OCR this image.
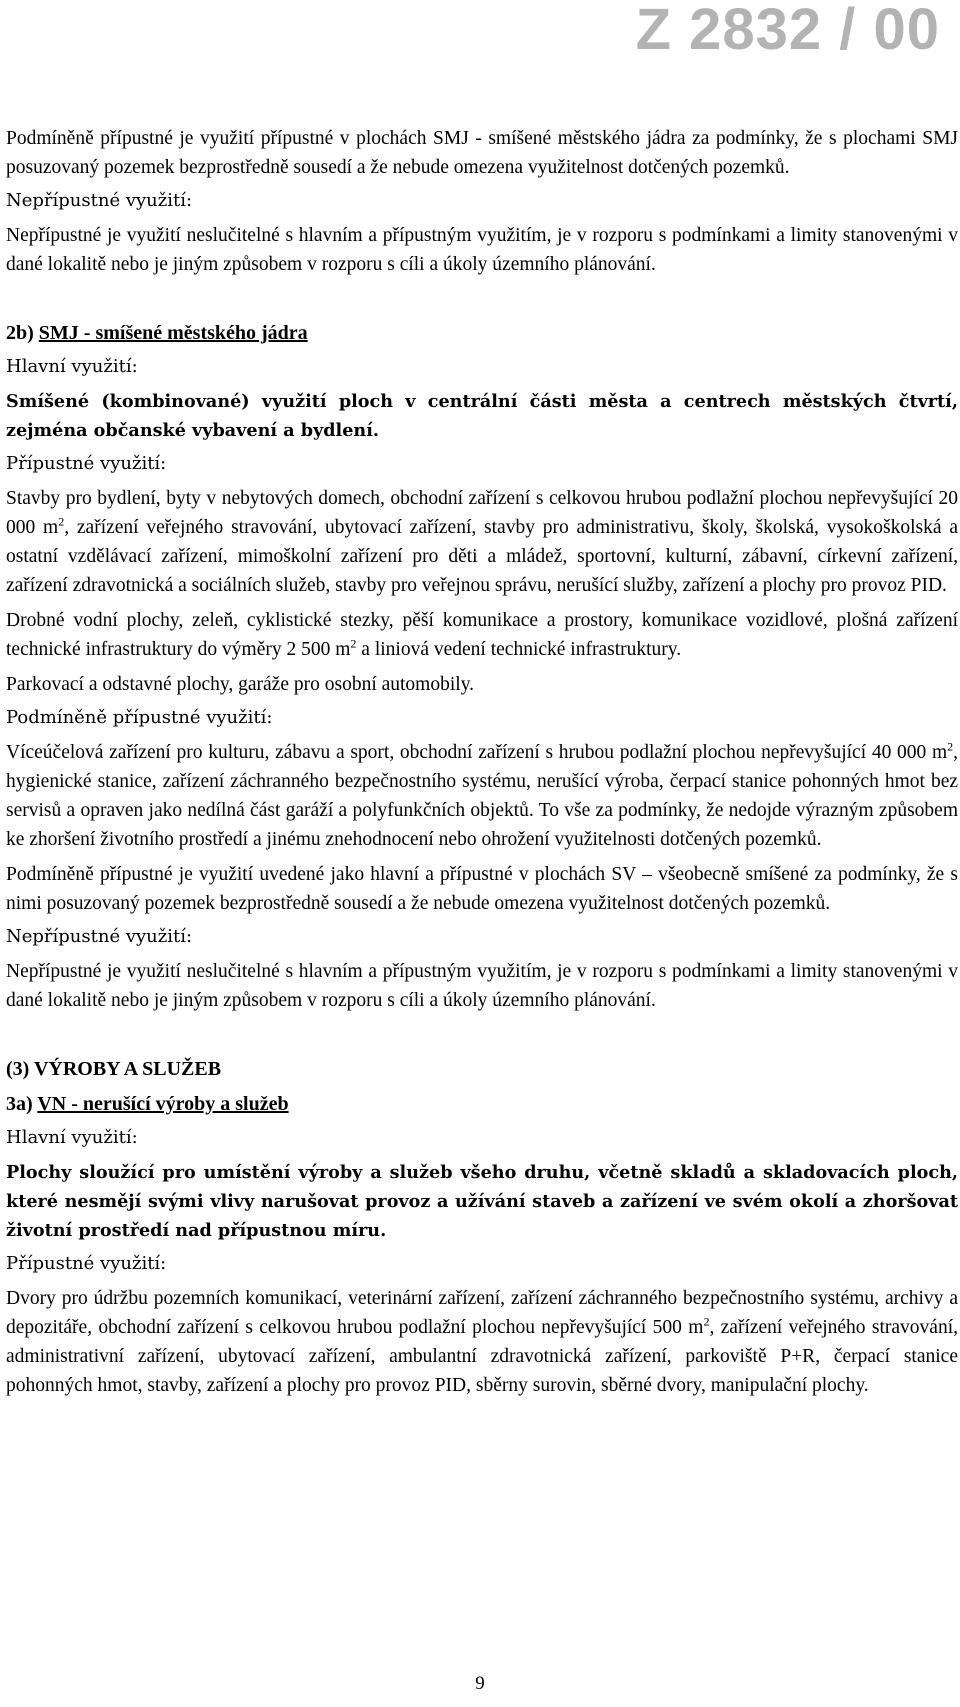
Z 2832 / 00

Podmíněně přípustné je využití přípustné v plochách SMJ - smíšené městského jádra za podmínky, že s plochami SMJ posuzovaný pozemek bezprostředně sousedí a že nebude omezena využitelnost dotčených pozemků.

Nepřípustné využití:

Nepřípustné je využití neslučitelné s hlavním a přípustným využitím, je v rozporu s podmínkami a limity stanovenými v dané lokalitě nebo je jiným způsobem v rozporu s cíli a úkoly územního plánování.

2b) SMJ - smíšené městského jádra

Hlavní využití:

Smíšené (kombinované) využití ploch v centrální části města a centrech městských čtvrtí, zejména občanské vybavení a bydlení.

Přípustné využití:

Stavby pro bydlení, byty v nebytových domech, obchodní zařízení s celkovou hrubou podlažní plochou nepřevyšující 20 000 $m^2$, zařízení veřejného stravování, ubytovací zařízení, stavby pro administrativu, školy, školská, vysokoškolská a ostatní vzdělávací zařízení, mimoškolní zařízení pro děti a mládež, sportovní, kulturní, zábavní, církevní zařízení, zařízení zdravotnická a sociálních služeb, stavby pro veřejnou správu, nerušící služby, zařízení a plochy pro provoz PID.

Drobné vodní plochy, zeleň, cyklistické stezky, pěší komunikace a prostory, komunikace vozidlové, plošná zařízení technické infrastruktury do výměry 2 500 $m^2$ a liniová vedení technické infrastruktury.

Parkovací a odstavné plochy, garáže pro osobní automobily.

Podmíněně přípustné využití:

Víceúčelová zařízení pro kulturu, zábavu a sport, obchodní zařízení s hrubou podlažní plochou nepřevyšující 40 000 $m^2$, hygienické stanice, zařízení záchranného bezpečnostního systému, nerušící výroba, čerpací stanice pohonných hmot bez servisů a opraven jako nedílná část garáží a polyfunkčních objektů. To vše za podmínky, že nedojde výrazným způsobem ke zhoršení životního prostředí a jinému znehodnocení nebo ohrožení využitelnosti dotčených pozemků.

Podmíněně přípustné je využití uvedené jako hlavní a přípustné v plochách SV – všeobecně smíšené za podmínky, že s nimi posuzovaný pozemek bezprostředně sousedí a že nebude omezena využitelnost dotčených pozemků.

Nepřípustné využití:

Nepřípustné je využití neslučitelné s hlavním a přípustným využitím, je v rozporu s podmínkami a limity stanovenými v dané lokalitě nebo je jiným způsobem v rozporu s cíli a úkoly územního plánování.

(3) VÝROBY A SLUŽEB

3a) VN - nerušící výroby a služeb

Hlavní využití:

Plochy sloužící pro umístění výroby a služeb všeho druhu, včetně skladů a skladovacích ploch, které nesmějí svými vlivy narušovat provoz a užívání staveb a zařízení ve svém okolí a zhoršovat životní prostředí nad přípustnou míru.

Přípustné využití:

Dvory pro údržbu pozemních komunikací, veterinární zařízení, zařízení záchranného bezpečnostního systému, archivy a depozitáře, obchodní zařízení s celkovou hrubou podlažní plochou nepřevyšující 500 $m^2$, zařízení veřejného stravování, administrativní zařízení, ubytovací zařízení, ambulantní zdravotnická zařízení, parkoviště P+R, čerpací stanice pohonných hmot, stavby, zařízení a plochy pro provoz PID, sběrny surovin, sběrné dvory, manipulační plochy.

9
